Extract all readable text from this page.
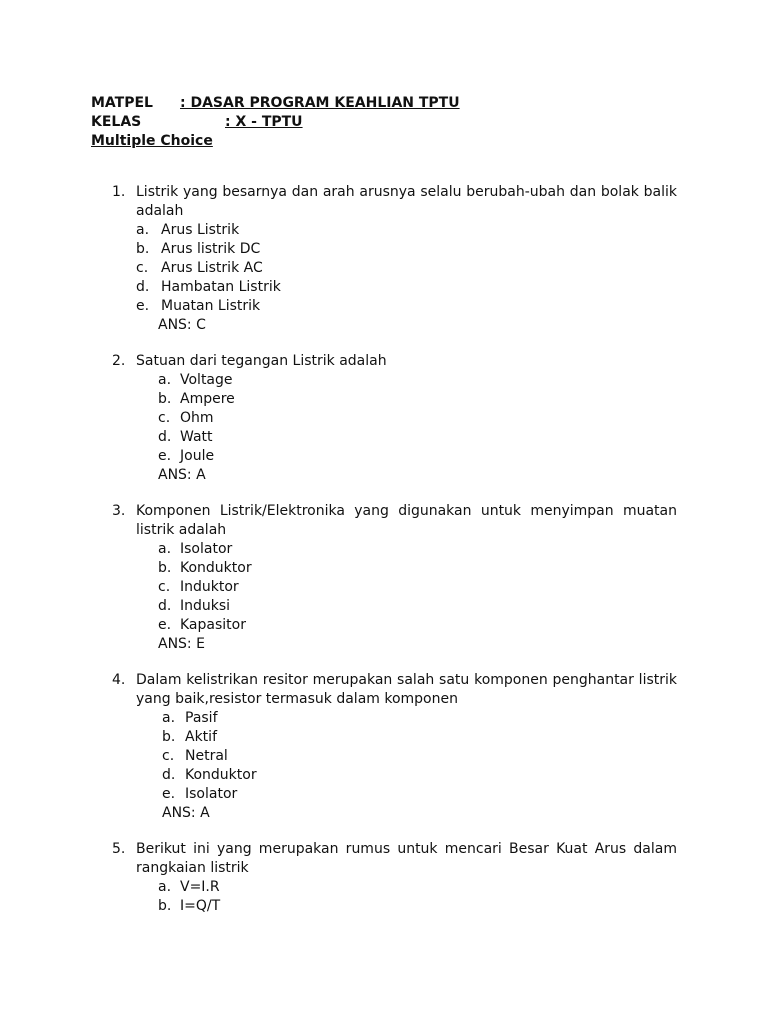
MATPEL : DASAR PROGRAM KEAHLIAN TPTU
KELAS	: X - TPTU
Multiple Choice
1. Listrik yang besarnya dan arah arusnya selalu berubah-ubah dan bolak balik adalah
a. Arus Listrik
b. Arus listrik DC
c. Arus Listrik AC
d. Hambatan Listrik
e. Muatan Listrik
ANS: C
2. Satuan dari tegangan Listrik adalah
a. Voltage
b. Ampere
c. Ohm
d. Watt
e. Joule
ANS: A
3. Komponen Listrik/Elektronika yang digunakan untuk menyimpan muatan listrik adalah
a. Isolator
b. Konduktor
c. Induktor
d. Induksi
e. Kapasitor
ANS: E
4. Dalam kelistrikan resitor merupakan salah satu komponen penghantar listrik yang baik,resistor termasuk dalam komponen
a. Pasif
b. Aktif
c. Netral
d. Konduktor
e. Isolator
ANS: A
5. Berikut ini yang merupakan rumus untuk mencari Besar Kuat Arus dalam rangkaian listrik
a. V=I.R
b. I=Q/T
